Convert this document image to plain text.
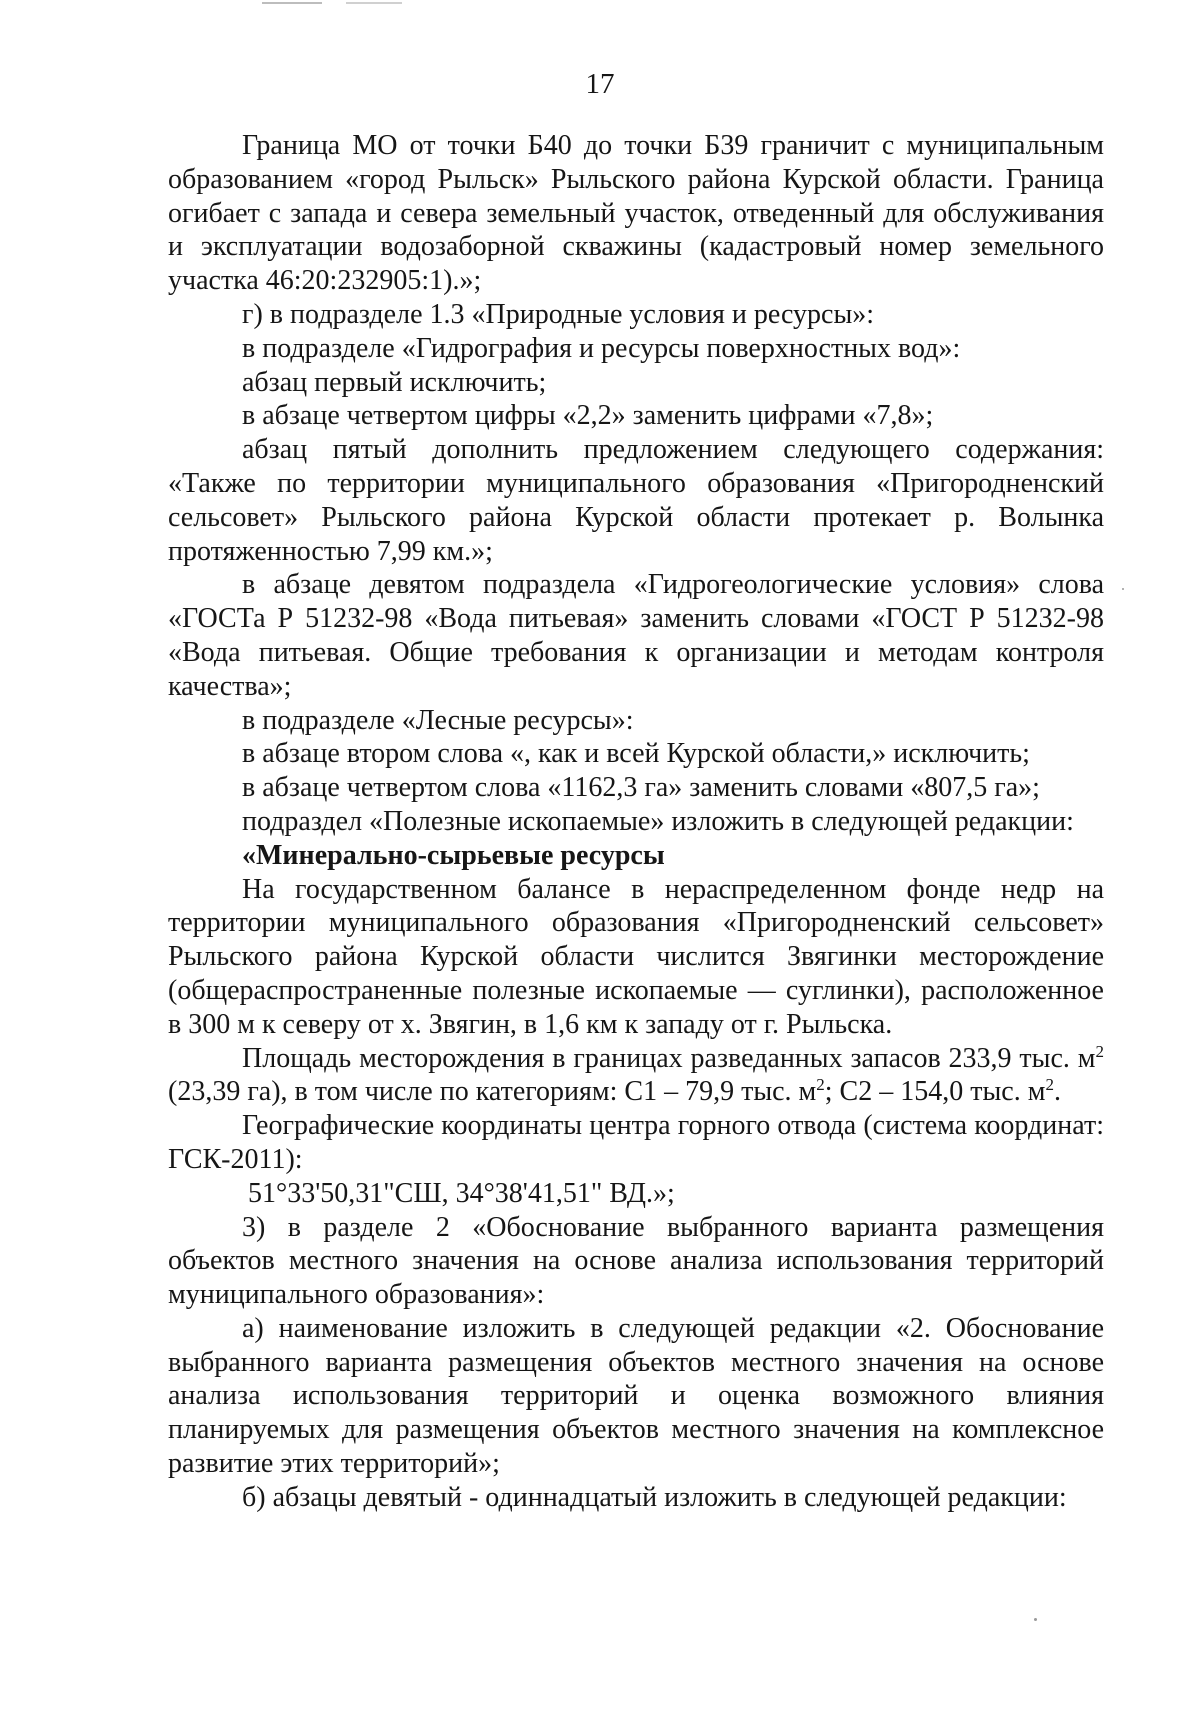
17

Граница МО от точки Б40 до точки Б39 граничит с муниципальным образованием «город Рыльск» Рыльского района Курской области. Граница огибает с запада и севера земельный участок, отведенный для обслуживания и эксплуатации водозаборной скважины (кадастровый номер земельного участка 46:20:232905:1).»;

г) в подразделе 1.3 «Природные условия и ресурсы»:

в подразделе «Гидрография и ресурсы поверхностных вод»:

абзац первый исключить;

в абзаце четвертом цифры «2,2» заменить цифрами «7,8»;

абзац пятый дополнить предложением следующего содержания: «Также по территории муниципального образования «Пригородненский сельсовет» Рыльского района Курской области протекает р. Волынка протяженностью 7,99 км.»;

в абзаце девятом подраздела «Гидрогеологические условия» слова «ГОСТа Р 51232-98 «Вода питьевая» заменить словами «ГОСТ Р 51232-98 «Вода питьевая. Общие требования к организации и методам контроля качества»;

в подразделе «Лесные ресурсы»:

в абзаце втором слова «, как и всей Курской области,» исключить;

в абзаце четвертом слова «1162,3 га» заменить словами «807,5 га»;

подраздел «Полезные ископаемые» изложить в следующей редакции:

«Минерально-сырьевые ресурсы

На государственном балансе в нераспределенном фонде недр на территории муниципального образования «Пригородненский сельсовет» Рыльского района Курской области числится Звягинки месторождение (общераспространенные полезные ископаемые — суглинки), расположенное в 300 м к северу от х. Звягин, в 1,6 км к западу от г. Рыльска.

Площадь месторождения в границах разведанных запасов 233,9 тыс. $м^2$ (23,39 га), в том числе по категориям: С1 – 79,9 тыс. $м^2$; С2 – 154,0 тыс. $м^2$.

Географические координаты центра горного отвода (система координат: ГСК-2011):

51°33'50,31"СШ, 34°38'41,51" ВД.»;

3) в разделе 2 «Обоснование выбранного варианта размещения объектов местного значения на основе анализа использования территорий муниципального образования»:

а) наименование изложить в следующей редакции «2. Обоснование выбранного варианта размещения объектов местного значения на основе анализа использования территорий и оценка возможного влияния планируемых для размещения объектов местного значения на комплексное развитие этих территорий»;

б) абзацы девятый - одиннадцатый изложить в следующей редакции:
